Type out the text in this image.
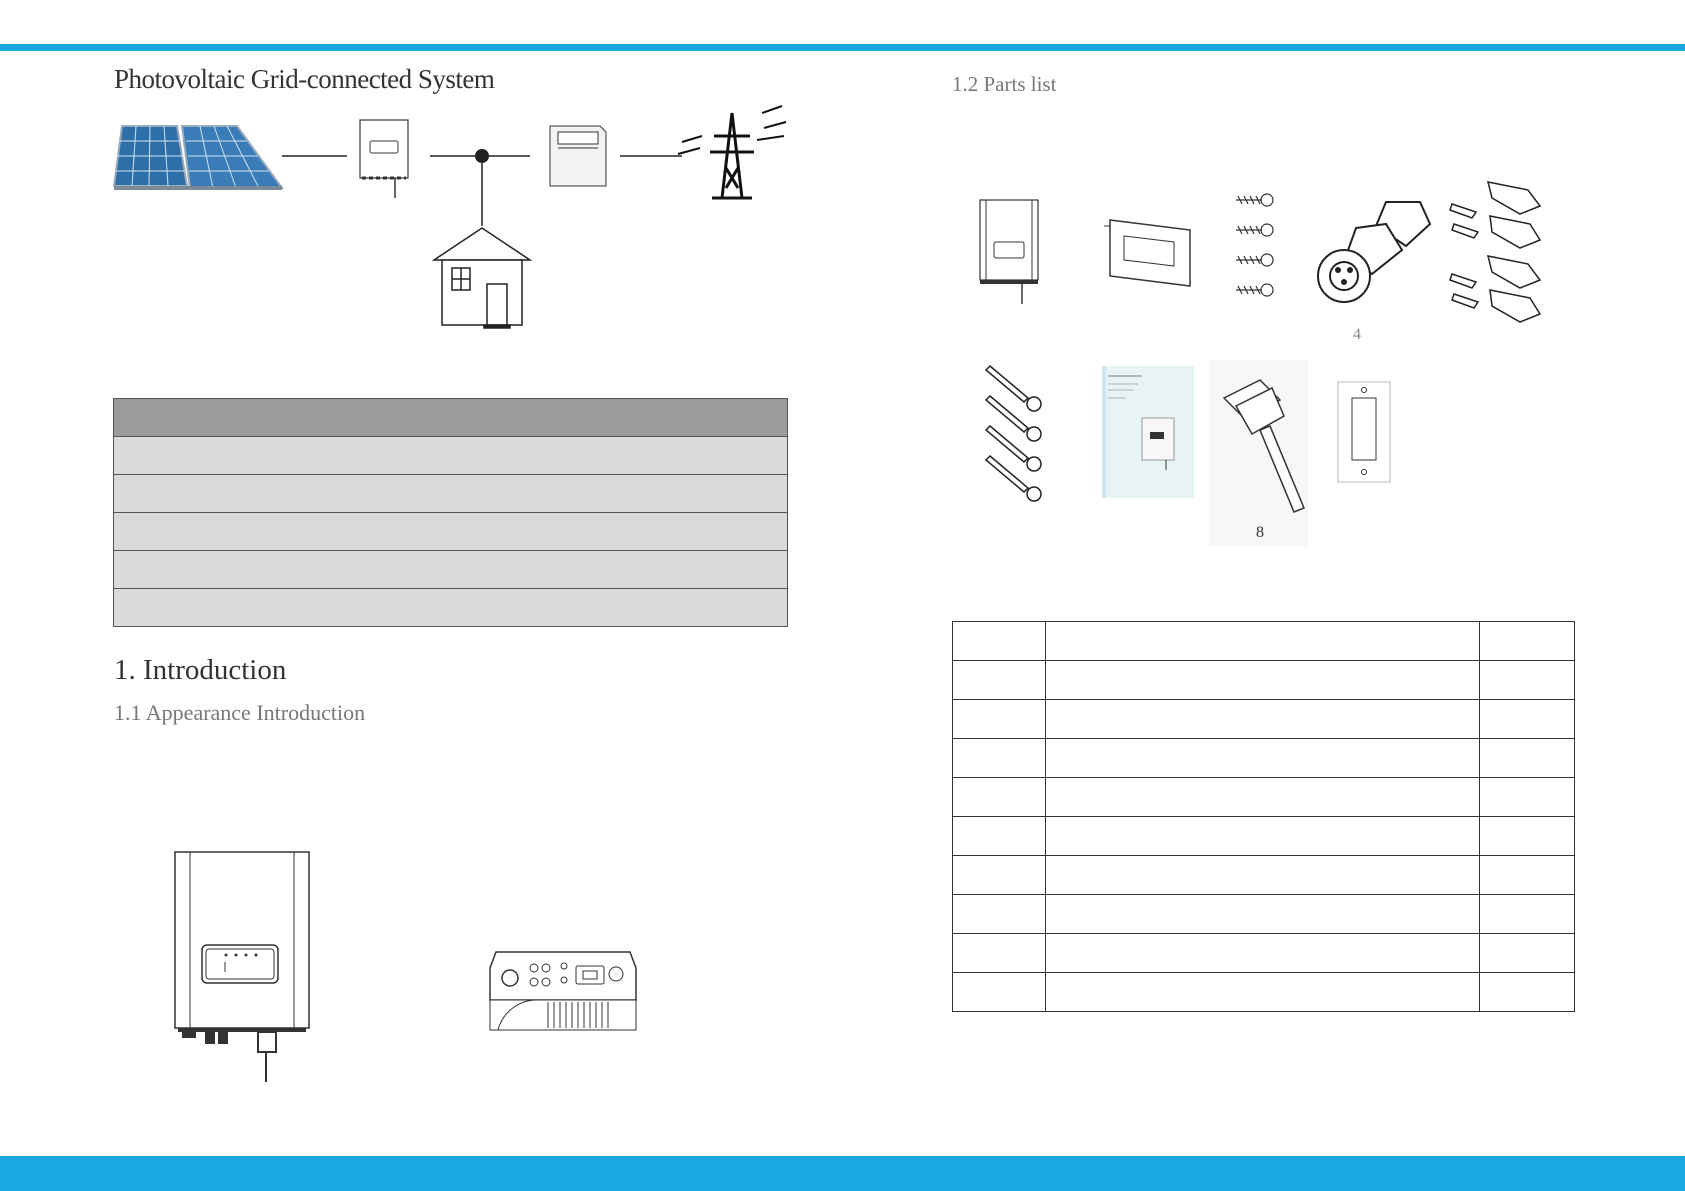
Photovoltaic Grid-connected System

1. Introduction
1.1 Appearance Introduction
1.2 Parts list
4
8
